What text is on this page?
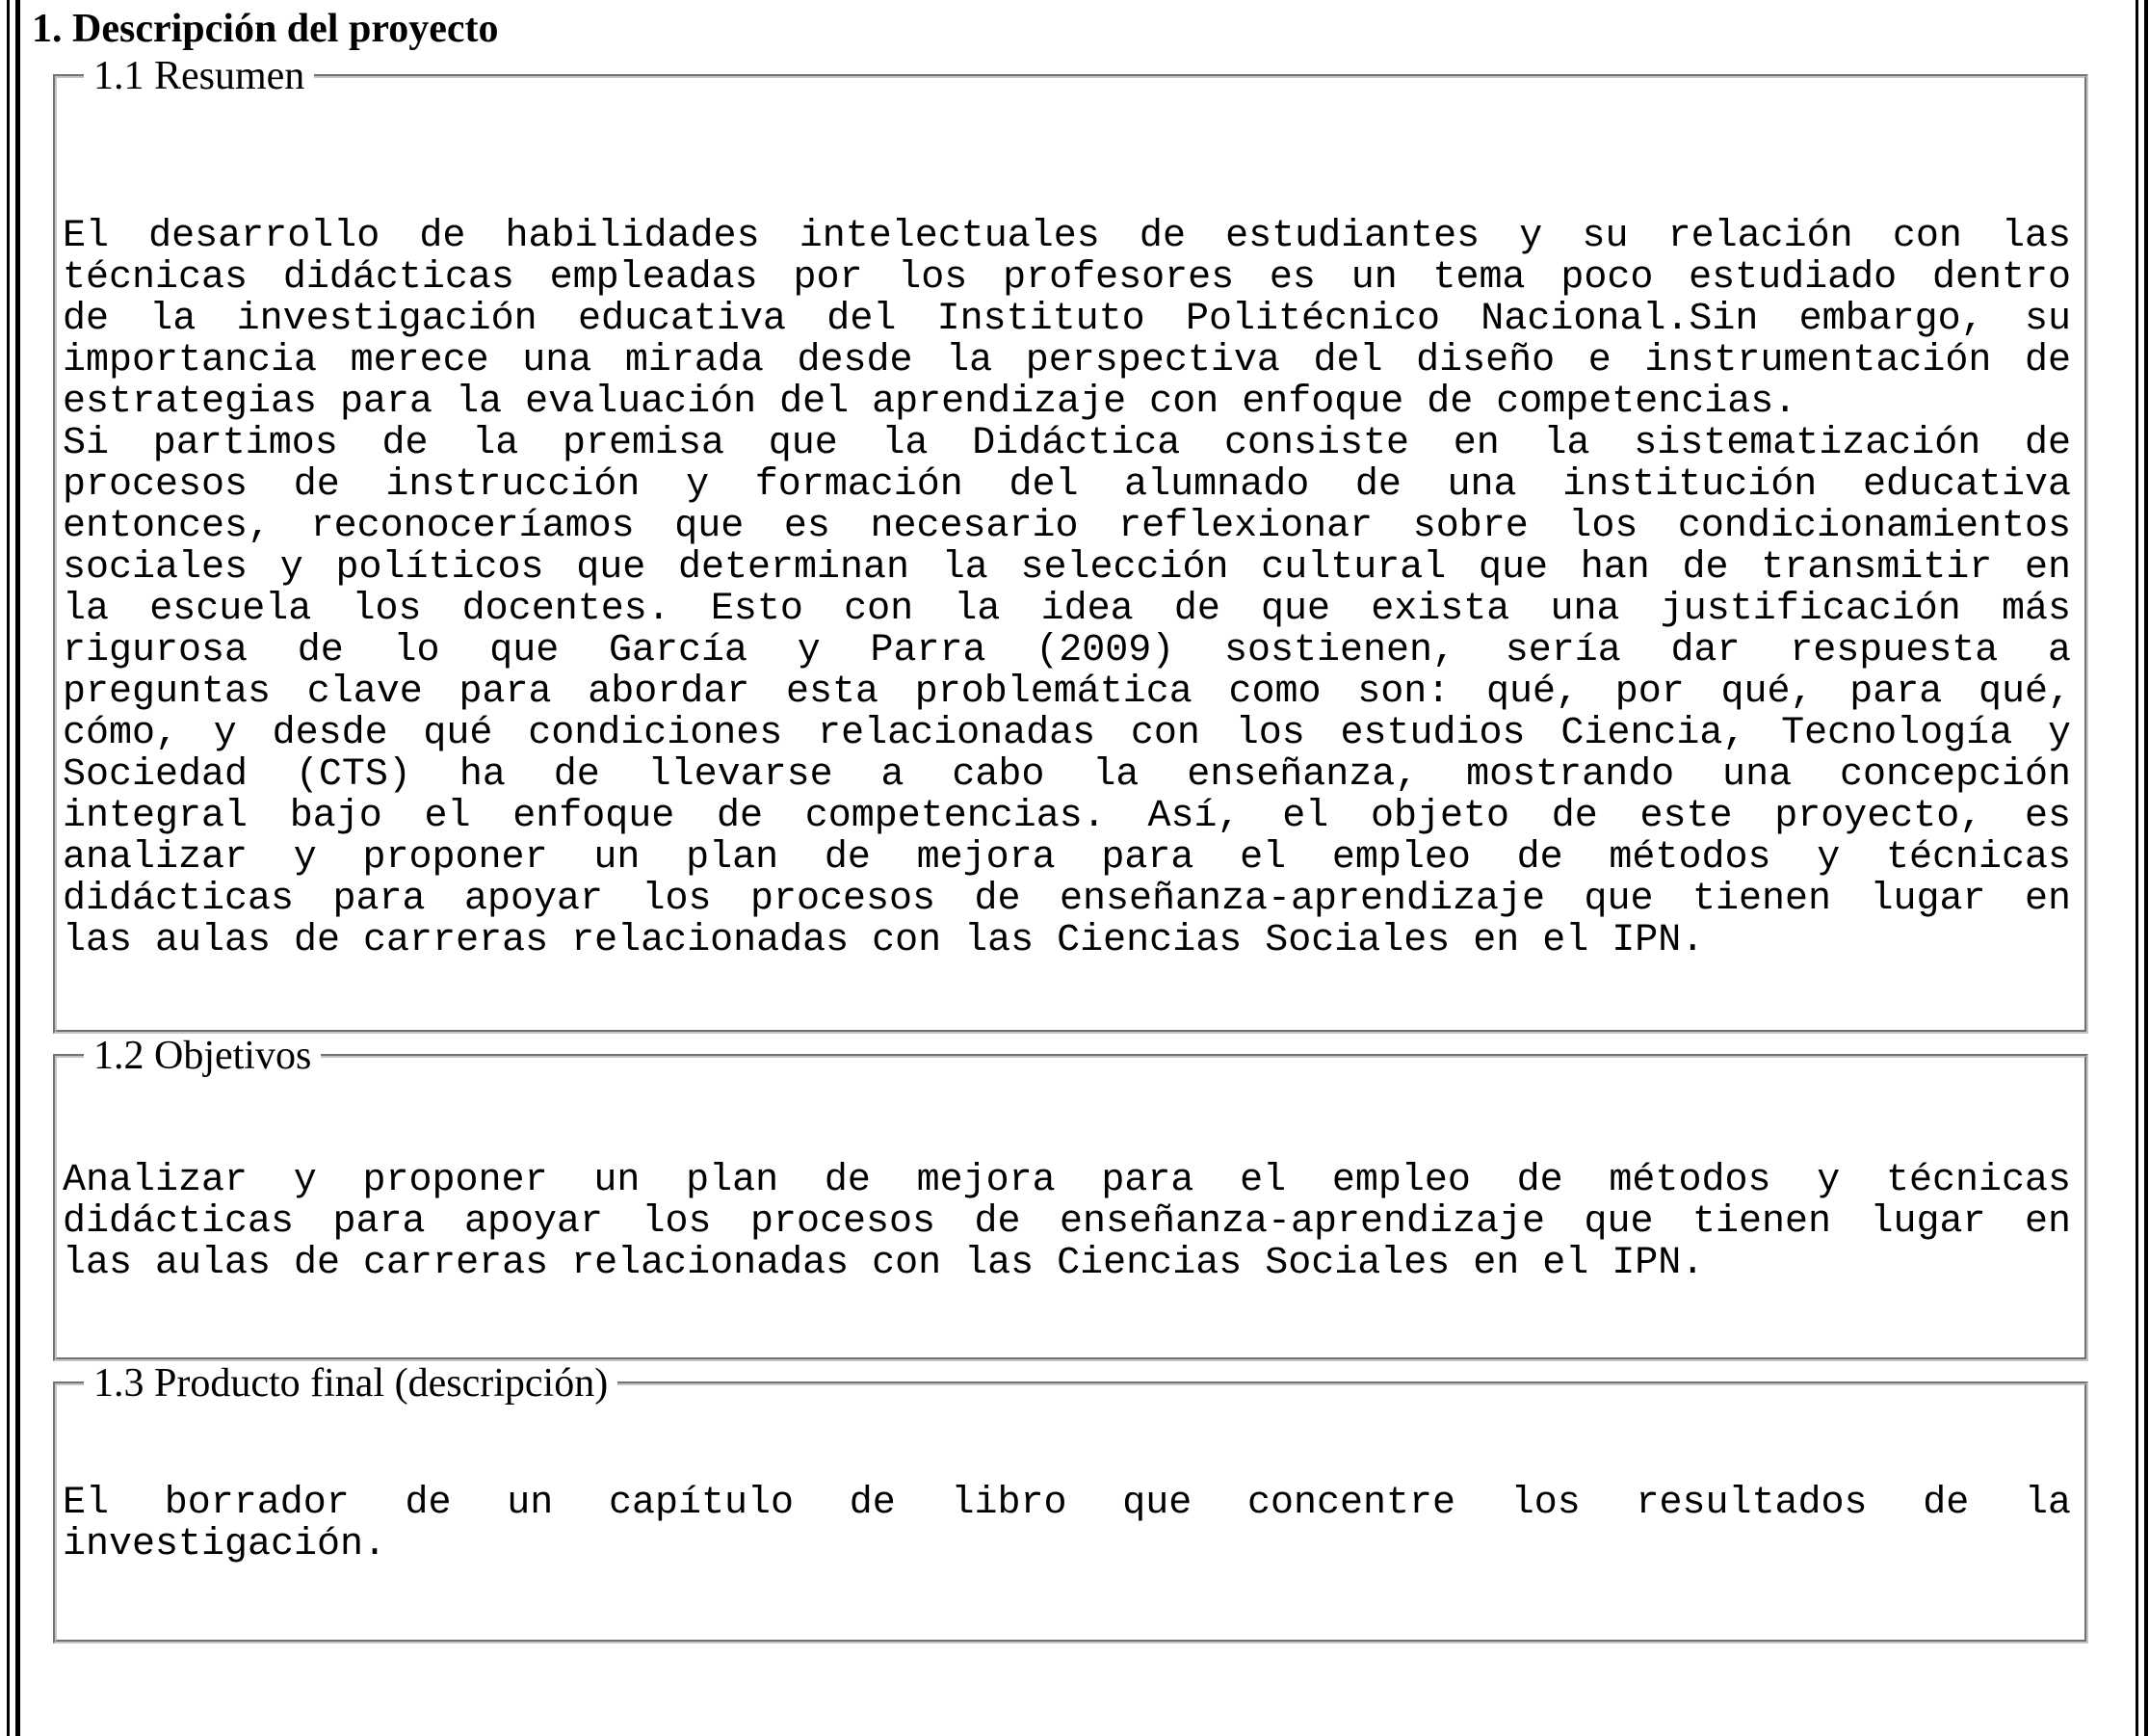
1. Descripción del proyecto
1.1 Resumen
El desarrollo de habilidades intelectuales de estudiantes y su relación con las
técnicas didácticas empleadas por los profesores es un tema poco estudiado dentro
de la investigación educativa del Instituto Politécnico Nacional.Sin embargo, su
importancia merece una mirada desde la perspectiva del diseño e instrumentación de
estrategias para la evaluación del aprendizaje con enfoque de competencias.
Si partimos de la premisa que la Didáctica consiste en la sistematización de
procesos de instrucción y formación del alumnado de una institución educativa
entonces, reconoceríamos que es necesario reflexionar sobre los condicionamientos
sociales y políticos que determinan la selección cultural que han de transmitir en
la escuela los docentes. Esto con la idea de que exista una justificación más
rigurosa de lo que García y Parra (2009) sostienen, sería dar respuesta a
preguntas clave para abordar esta problemática como son: qué, por qué, para qué,
cómo, y desde qué condiciones relacionadas con los estudios Ciencia, Tecnología y
Sociedad (CTS) ha de llevarse a cabo la enseñanza, mostrando una concepción
integral bajo el enfoque de competencias. Así, el objeto de este proyecto, es
analizar y proponer un plan de mejora para el empleo de métodos y técnicas
didácticas para apoyar los procesos de enseñanza-aprendizaje que tienen lugar en
las aulas de carreras relacionadas con las Ciencias Sociales en el IPN.
1.2 Objetivos
Analizar y proponer un plan de mejora para el empleo de métodos y técnicas
didácticas para apoyar los procesos de enseñanza-aprendizaje que tienen lugar en
las aulas de carreras relacionadas con las Ciencias Sociales en el IPN.
1.3 Producto final (descripción)
El borrador de un capítulo de libro que concentre los resultados de la
investigación.
